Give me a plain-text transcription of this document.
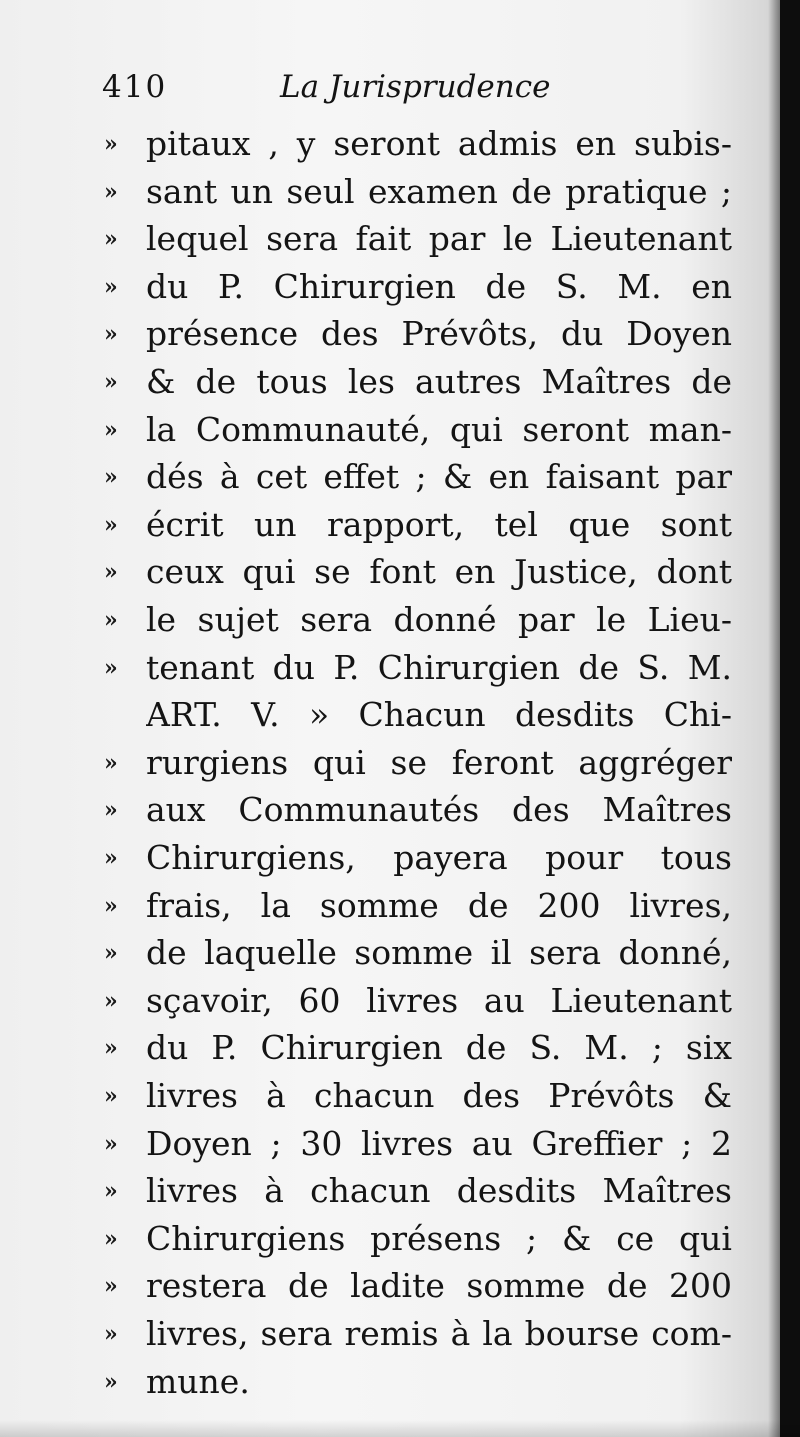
410	La Jurisprudence
» pitaux , y seront admis en subis-
» sant un seul examen de pratique ;
» lequel sera fait par le Lieutenant
» du P. Chirurgien de S. M. en
» présence des Prévôts, du Doyen
» & de tous les autres Maîtres de
» la Communauté, qui seront man-
» dés à cet effet ; & en faisant par
» écrit un rapport, tel que sont
» ceux qui se font en Justice, dont
» le sujet sera donné par le Lieu-
» tenant du P. Chirurgien de S. M.
ART. V. » Chacun desdits Chi-
» rurgiens qui se feront aggréger
» aux Communautés des Maîtres
» Chirurgiens, payera pour tous
» frais, la somme de 200 livres,
» de laquelle somme il sera donné,
» sçavoir, 60 livres au Lieutenant
» du P. Chirurgien de S. M. ; six
» livres à chacun des Prévôts &
» Doyen ; 30 livres au Greffier ; 2
» livres à chacun desdits Maîtres
» Chirurgiens présens ; & ce qui
» restera de ladite somme de 200
» livres, sera remis à la bourse com-
» mune.
